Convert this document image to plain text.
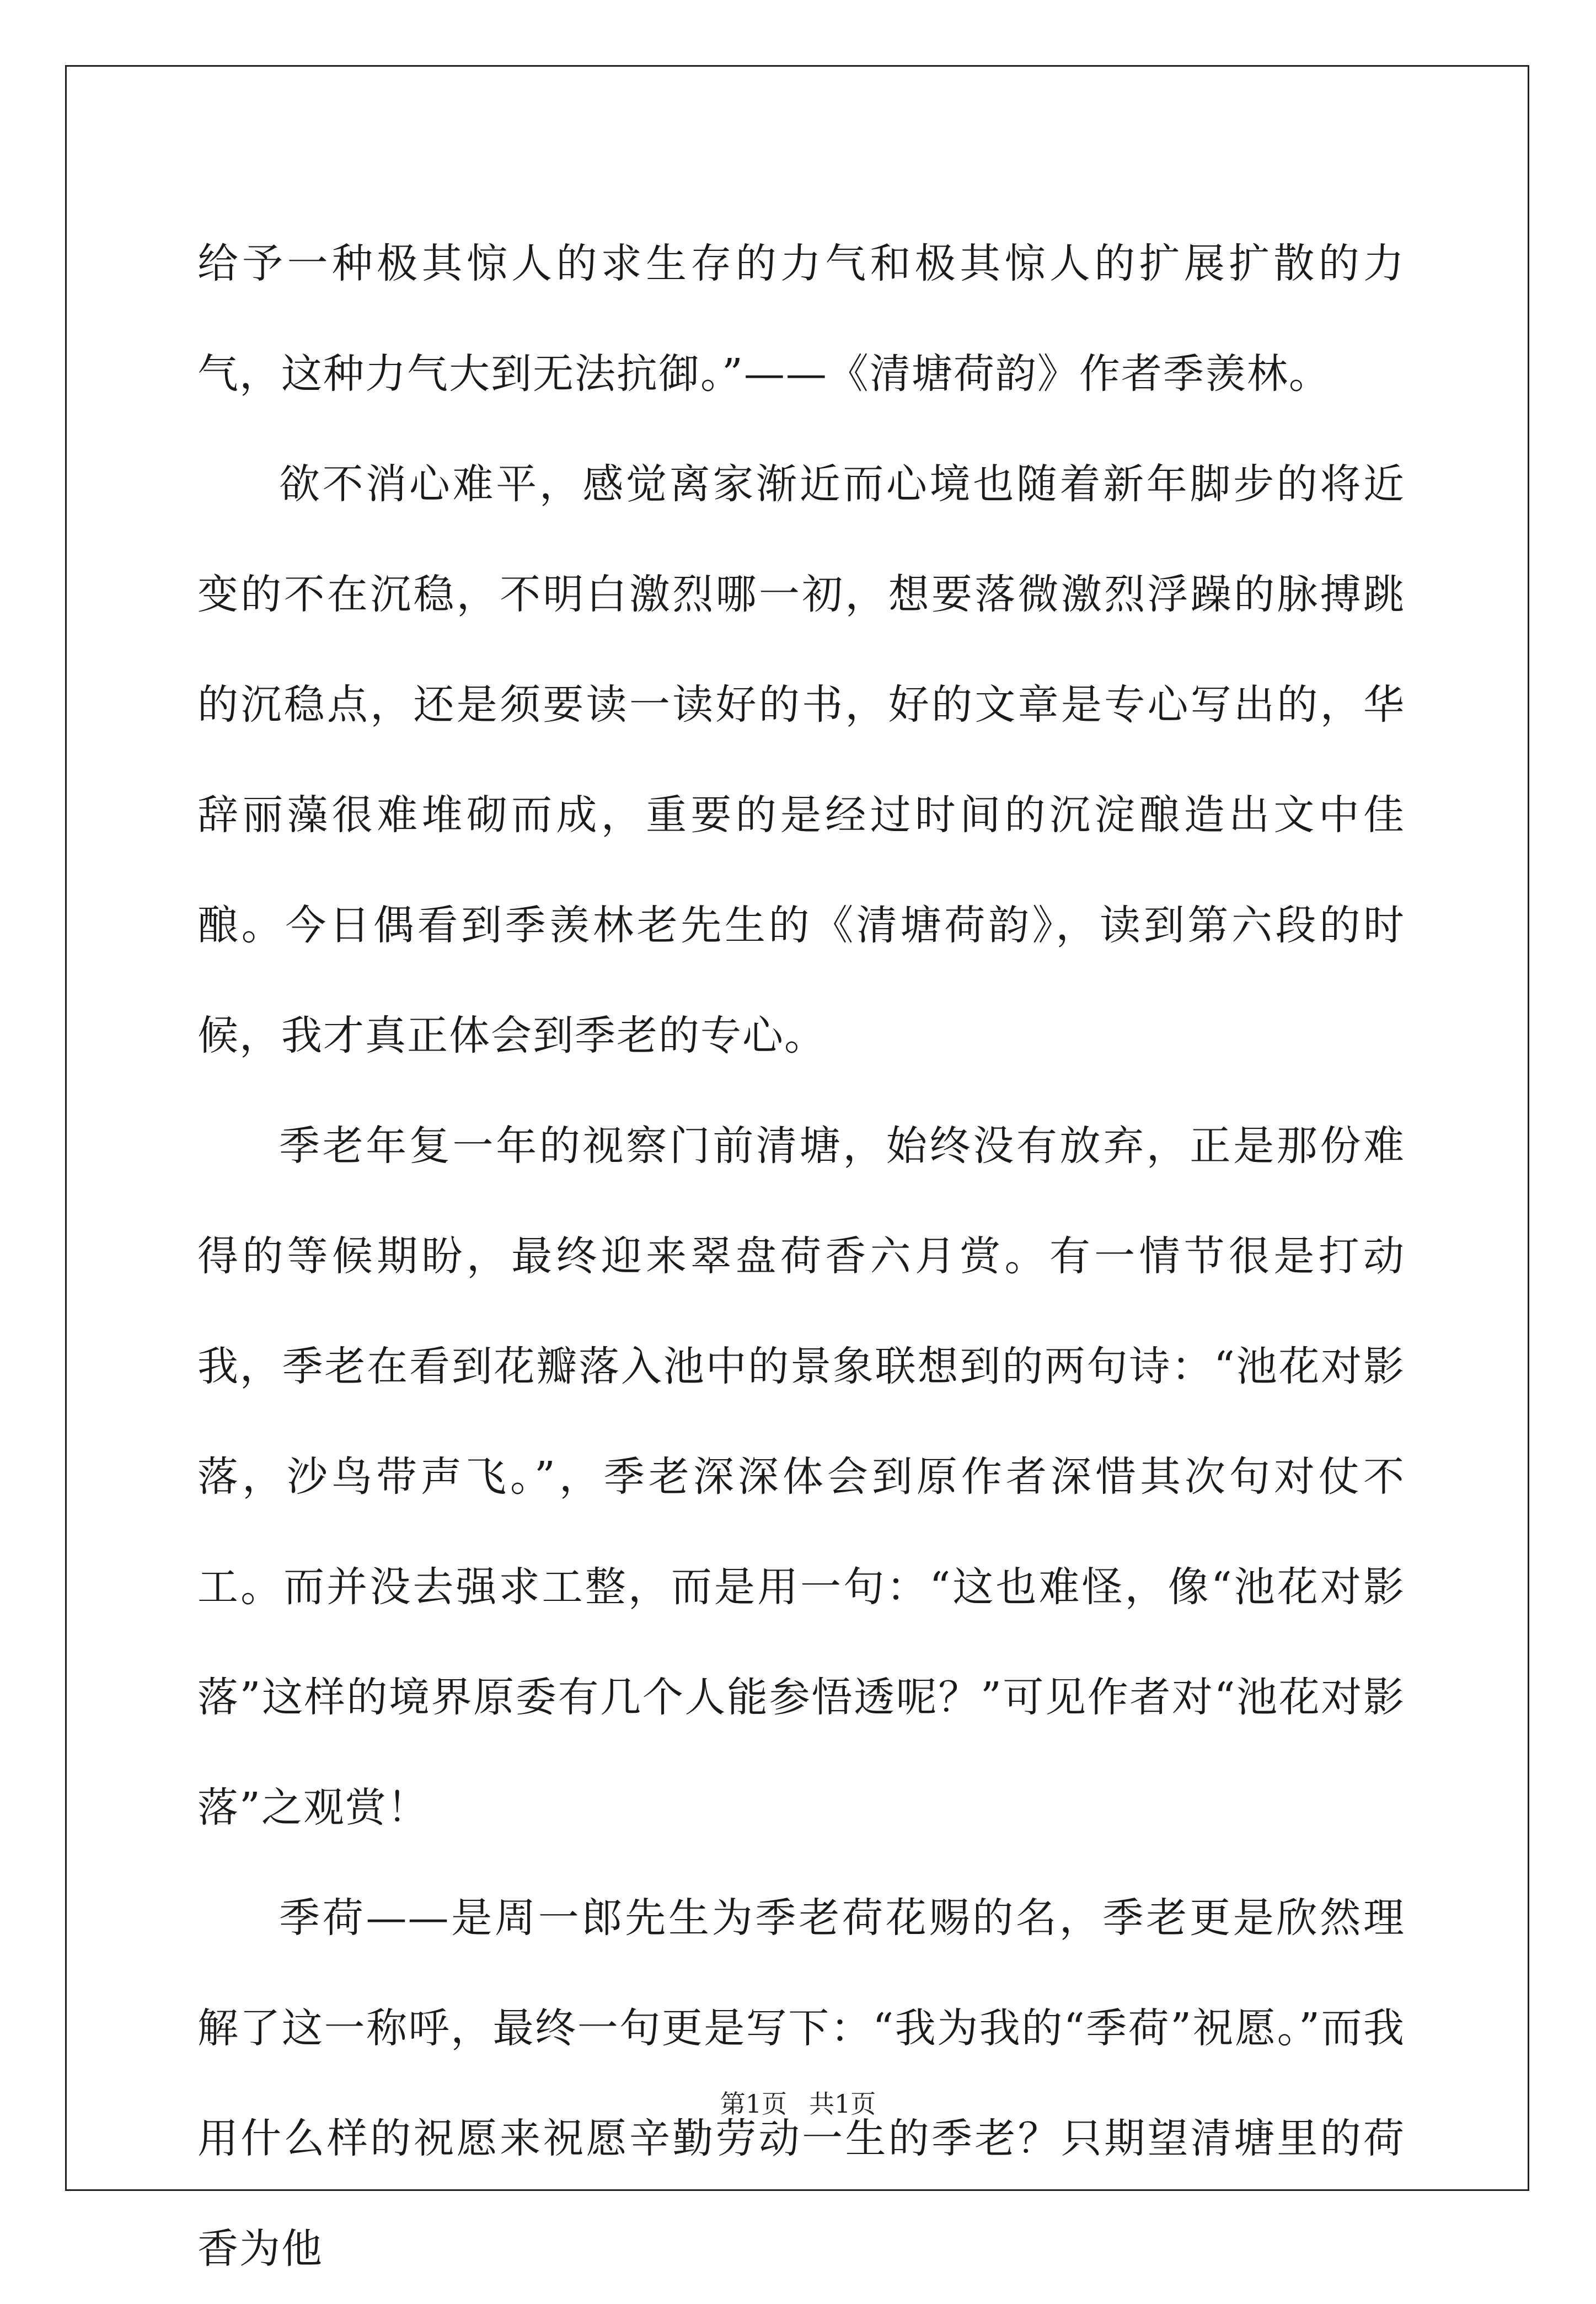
给予一种极其惊人的求生存的力气和极其惊人的扩展扩散的力气，这种力气大到无法抗御。”——《清塘荷韵》作者季羡林。

欲不消心难平，感觉离家渐近而心境也随着新年脚步的将近变的不在沉稳，不明白激烈哪一初，想要落微激烈浮躁的脉搏跳的沉稳点，还是须要读一读好的书，好的文章是专心写出的，华辞丽藻很难堆砌而成，重要的是经过时间的沉淀酿造出文中佳酿。今日偶看到季羡林老先生的《清塘荷韵》，读到第六段的时候，我才真正体会到季老的专心。

季老年复一年的视察门前清塘，始终没有放弃，正是那份难得的等候期盼，最终迎来翠盘荷香六月赏。有一情节很是打动我，季老在看到花瓣落入池中的景象联想到的两句诗：“池花对影落，沙鸟带声飞。”，季老深深体会到原作者深惜其次句对仗不工。而并没去强求工整，而是用一句：“这也难怪，像“池花对影落”这样的境界原委有几个人能参悟透呢？”可见作者对“池花对影落”之观赏！

季荷——是周一郎先生为季老荷花赐的名，季老更是欣然理解了这一称呼，最终一句更是写下：“我为我的“季荷”祝愿。”而我用什么样的祝愿来祝愿辛勤劳动一生的季老？只期望清塘里的荷香为他

第1页 共1页
